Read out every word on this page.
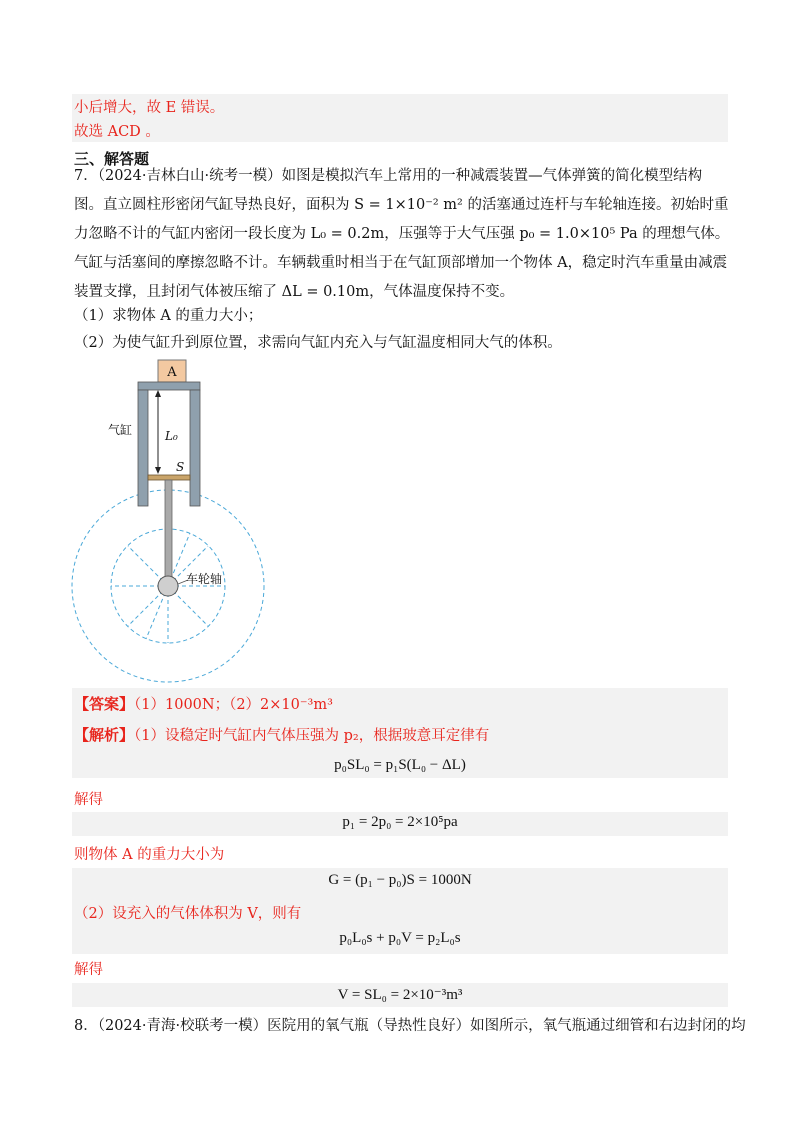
小后增大，故 E 错误。
故选 ACD 。
三、解答题
7．（2024·吉林白山·统考一模）如图是模拟汽车上常用的一种减震装置—气体弹簧的简化模型结构图。直立圆柱形密闭气缸导热良好，面积为 S = 1×10⁻² m² 的活塞通过连杆与车轮轴连接。初始时重力忽略不计的气缸内密闭一段长度为 L₀ = 0.2m，压强等于大气压强 p₀ = 1.0×10⁵ Pa 的理想气体。气缸与活塞间的摩擦忽略不计。车辆载重时相当于在气缸顶部增加一个物体 A，稳定时汽车重量由减震装置支撑，且封闭气体被压缩了 ΔL = 0.10m，气体温度保持不变。
（1）求物体 A 的重力大小；
（2）为使气缸升到原位置，求需向气缸内充入与气缸温度相同大气的体积。
A
L₀
S
气缸
车轮轴
【答案】（1）1000N；（2）2×10⁻³m³
【解析】（1）设稳定时气缸内气体压强为 p₂，根据玻意耳定律有
p₀SL₀ = p₁S(L₀ − ΔL)
解得
p₁ = 2p₀ = 2×10⁵pa
则物体 A 的重力大小为
G = (p₁ − p₀)S = 1000N
（2）设充入的气体体积为 V，则有
p₀L₀s + p₀V = p₂L₀s
解得
V = SL₀ = 2×10⁻³m³
8．（2024·青海·校联考一模）医院用的氧气瓶（导热性良好）如图所示，氧气瓶通过细管和右边封闭的均
